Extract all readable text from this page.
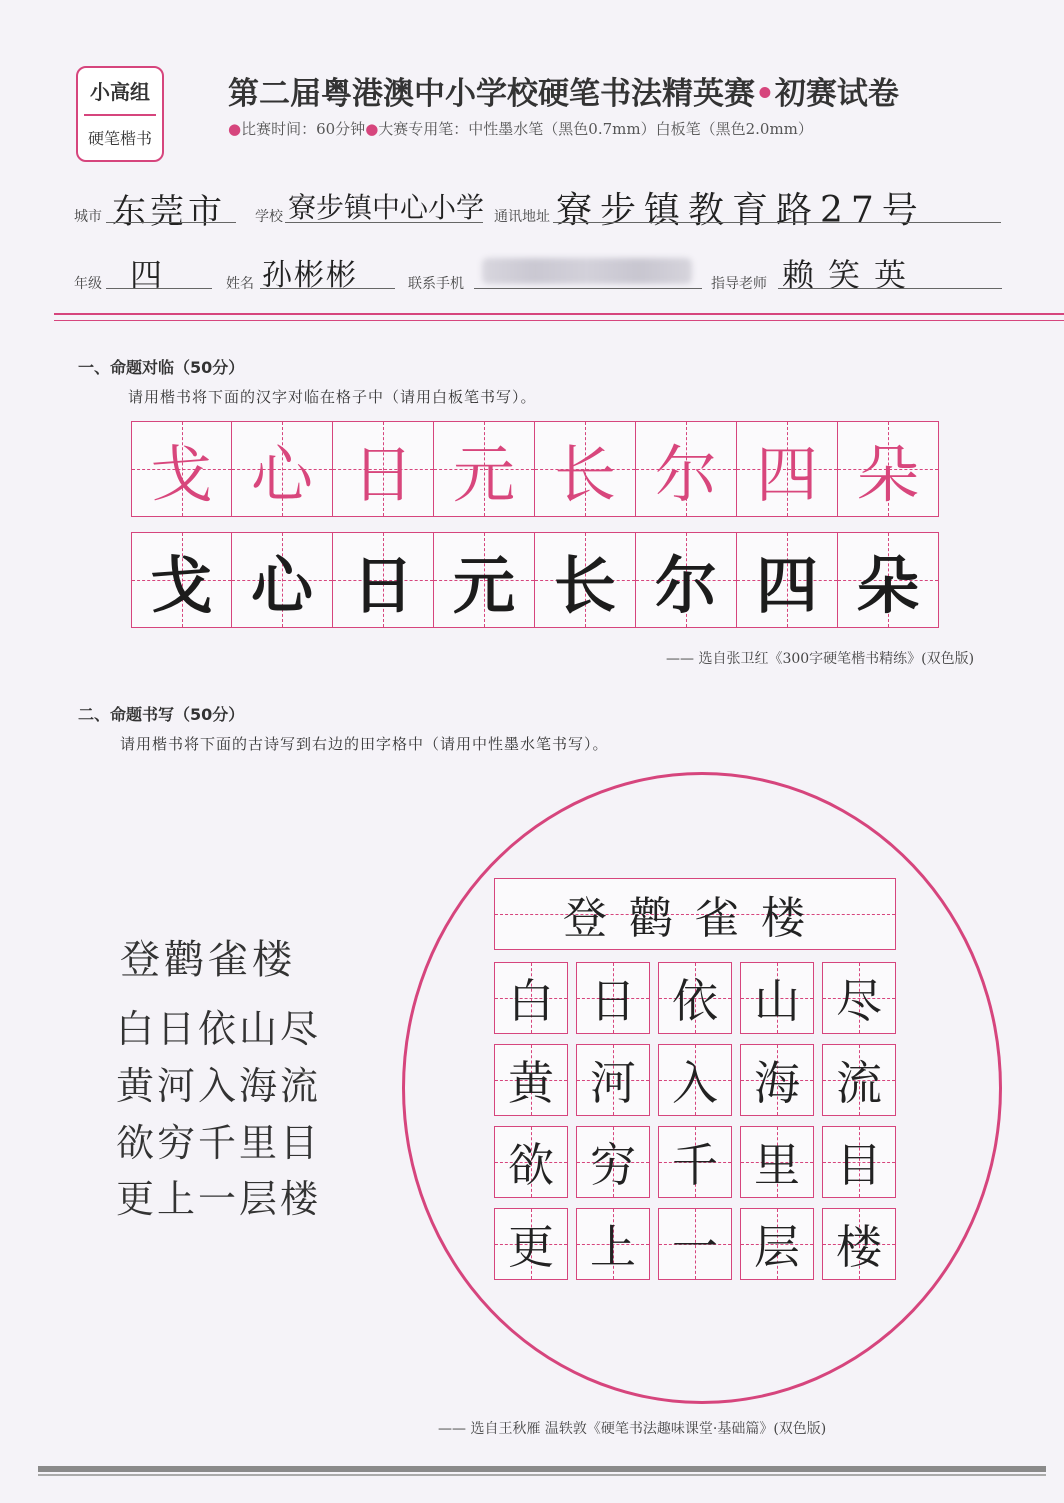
小高组
硬笔楷书
第二届粤港澳中小学校硬笔书法精英赛•初赛试卷
●比赛时间：60分钟●大赛专用笔：中性墨水笔（黑色0.7mm）白板笔（黑色2.0mm）
城市 东莞市 学校 寮步镇中心小学 通讯地址 寮步镇教育路27号
年级 四	姓名 孙彬彬	联系手机	指导老师 赖笑英
一、命题对临（50分）
请用楷书将下面的汉字对临在格子中（请用白板笔书写）。
戈 心 日 元 长 尔 四 朵
戈 心 日 元 长 尔 四 朵
—— 选自张卫红《300字硬笔楷书精练》(双色版)
二、命题书写（50分）
请用楷书将下面的古诗写到右边的田字格中（请用中性墨水笔书写）。
登鹳雀楼
白日依山尽
黄河入海流
欲穷千里目
更上一层楼
登鹳雀楼
白 日 依 山 尽
黄 河 入 海 流
欲 穷 千 里 目
更 上 一 层 楼
—— 选自王秋雁 温轶敦《硬笔书法趣味课堂·基础篇》(双色版)
